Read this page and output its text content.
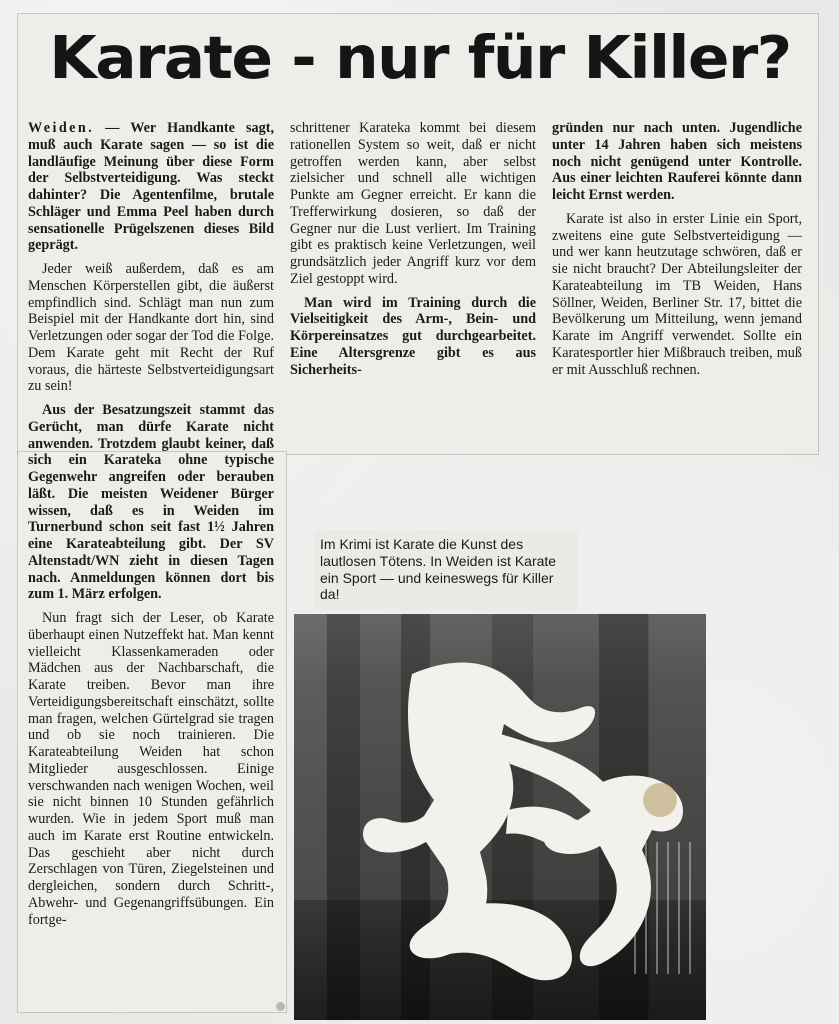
Karate - nur für Killer?

Weiden. — Wer Handkante sagt, muß auch Karate sagen — so ist die landläufige Meinung über diese Form der Selbstverteidigung. Was steckt dahinter? Die Agentenfilme, brutale Schläger und Emma Peel haben durch sensationelle Prügelszenen dieses Bild geprägt.

Jeder weiß außerdem, daß es am Menschen Körperstellen gibt, die äußerst empfindlich sind. Schlägt man nun zum Beispiel mit der Handkante dort hin, sind Verletzungen oder sogar der Tod die Folge. Dem Karate geht mit Recht der Ruf voraus, die härteste Selbstverteidigungsart zu sein!

Aus der Besatzungszeit stammt das Gerücht, man dürfe Karate nicht anwenden. Trotzdem glaubt keiner, daß sich ein Karateka ohne typische Gegenwehr angreifen oder berauben läßt. Die meisten Weidener Bürger wissen, daß es in Weiden im Turnerbund schon seit fast 1½ Jahren eine Karateabteilung gibt. Der SV Altenstadt/WN zieht in diesen Tagen nach. Anmeldungen können dort bis zum 1. März erfolgen.

Nun fragt sich der Leser, ob Karate überhaupt einen Nutzeffekt hat. Man kennt vielleicht Klassenkameraden oder Mädchen aus der Nachbarschaft, die Karate treiben. Bevor man ihre Verteidigungsbereitschaft einschätzt, sollte man fragen, welchen Gürtelgrad sie tragen und ob sie noch trainieren. Die Karateabteilung Weiden hat schon Mitglieder ausgeschlossen. Einige verschwanden nach wenigen Wochen, weil sie nicht binnen 10 Stunden gefährlich wurden. Wie in jedem Sport muß man auch im Karate erst Routine entwickeln. Das geschieht aber nicht durch Zerschlagen von Türen, Ziegelsteinen und dergleichen, sondern durch Schritt-, Abwehr- und Gegenangriffsübungen. Ein fortge-

schrittener Karateka kommt bei diesem rationellen System so weit, daß er nicht getroffen werden kann, aber selbst zielsicher und schnell alle wichtigen Punkte am Gegner erreicht. Er kann die Trefferwirkung dosieren, so daß der Gegner nur die Lust verliert. Im Training gibt es praktisch keine Verletzungen, weil grundsätzlich jeder Angriff kurz vor dem Ziel gestoppt wird.

Man wird im Training durch die Vielseitigkeit des Arm-, Bein- und Körpereinsatzes gut durchgearbeitet. Eine Altersgrenze gibt es aus Sicherheits-

gründen nur nach unten. Jugendliche unter 14 Jahren haben sich meistens noch nicht genügend unter Kontrolle. Aus einer leichten Rauferei könnte dann leicht Ernst werden.

Karate ist also in erster Linie ein Sport, zweitens eine gute Selbstverteidigung — und wer kann heutzutage schwören, daß er sie nicht braucht? Der Abteilungsleiter der Karateabteilung im TB Weiden, Hans Söllner, Weiden, Berliner Str. 17, bittet die Bevölkerung um Mitteilung, wenn jemand Karate im Angriff verwendet. Sollte ein Karatesportler hier Mißbrauch treiben, muß er mit Ausschluß rechnen.

Im Krimi ist Karate die Kunst des lautlosen Tötens. In Weiden ist Karate ein Sport — und keineswegs für Killer da!
